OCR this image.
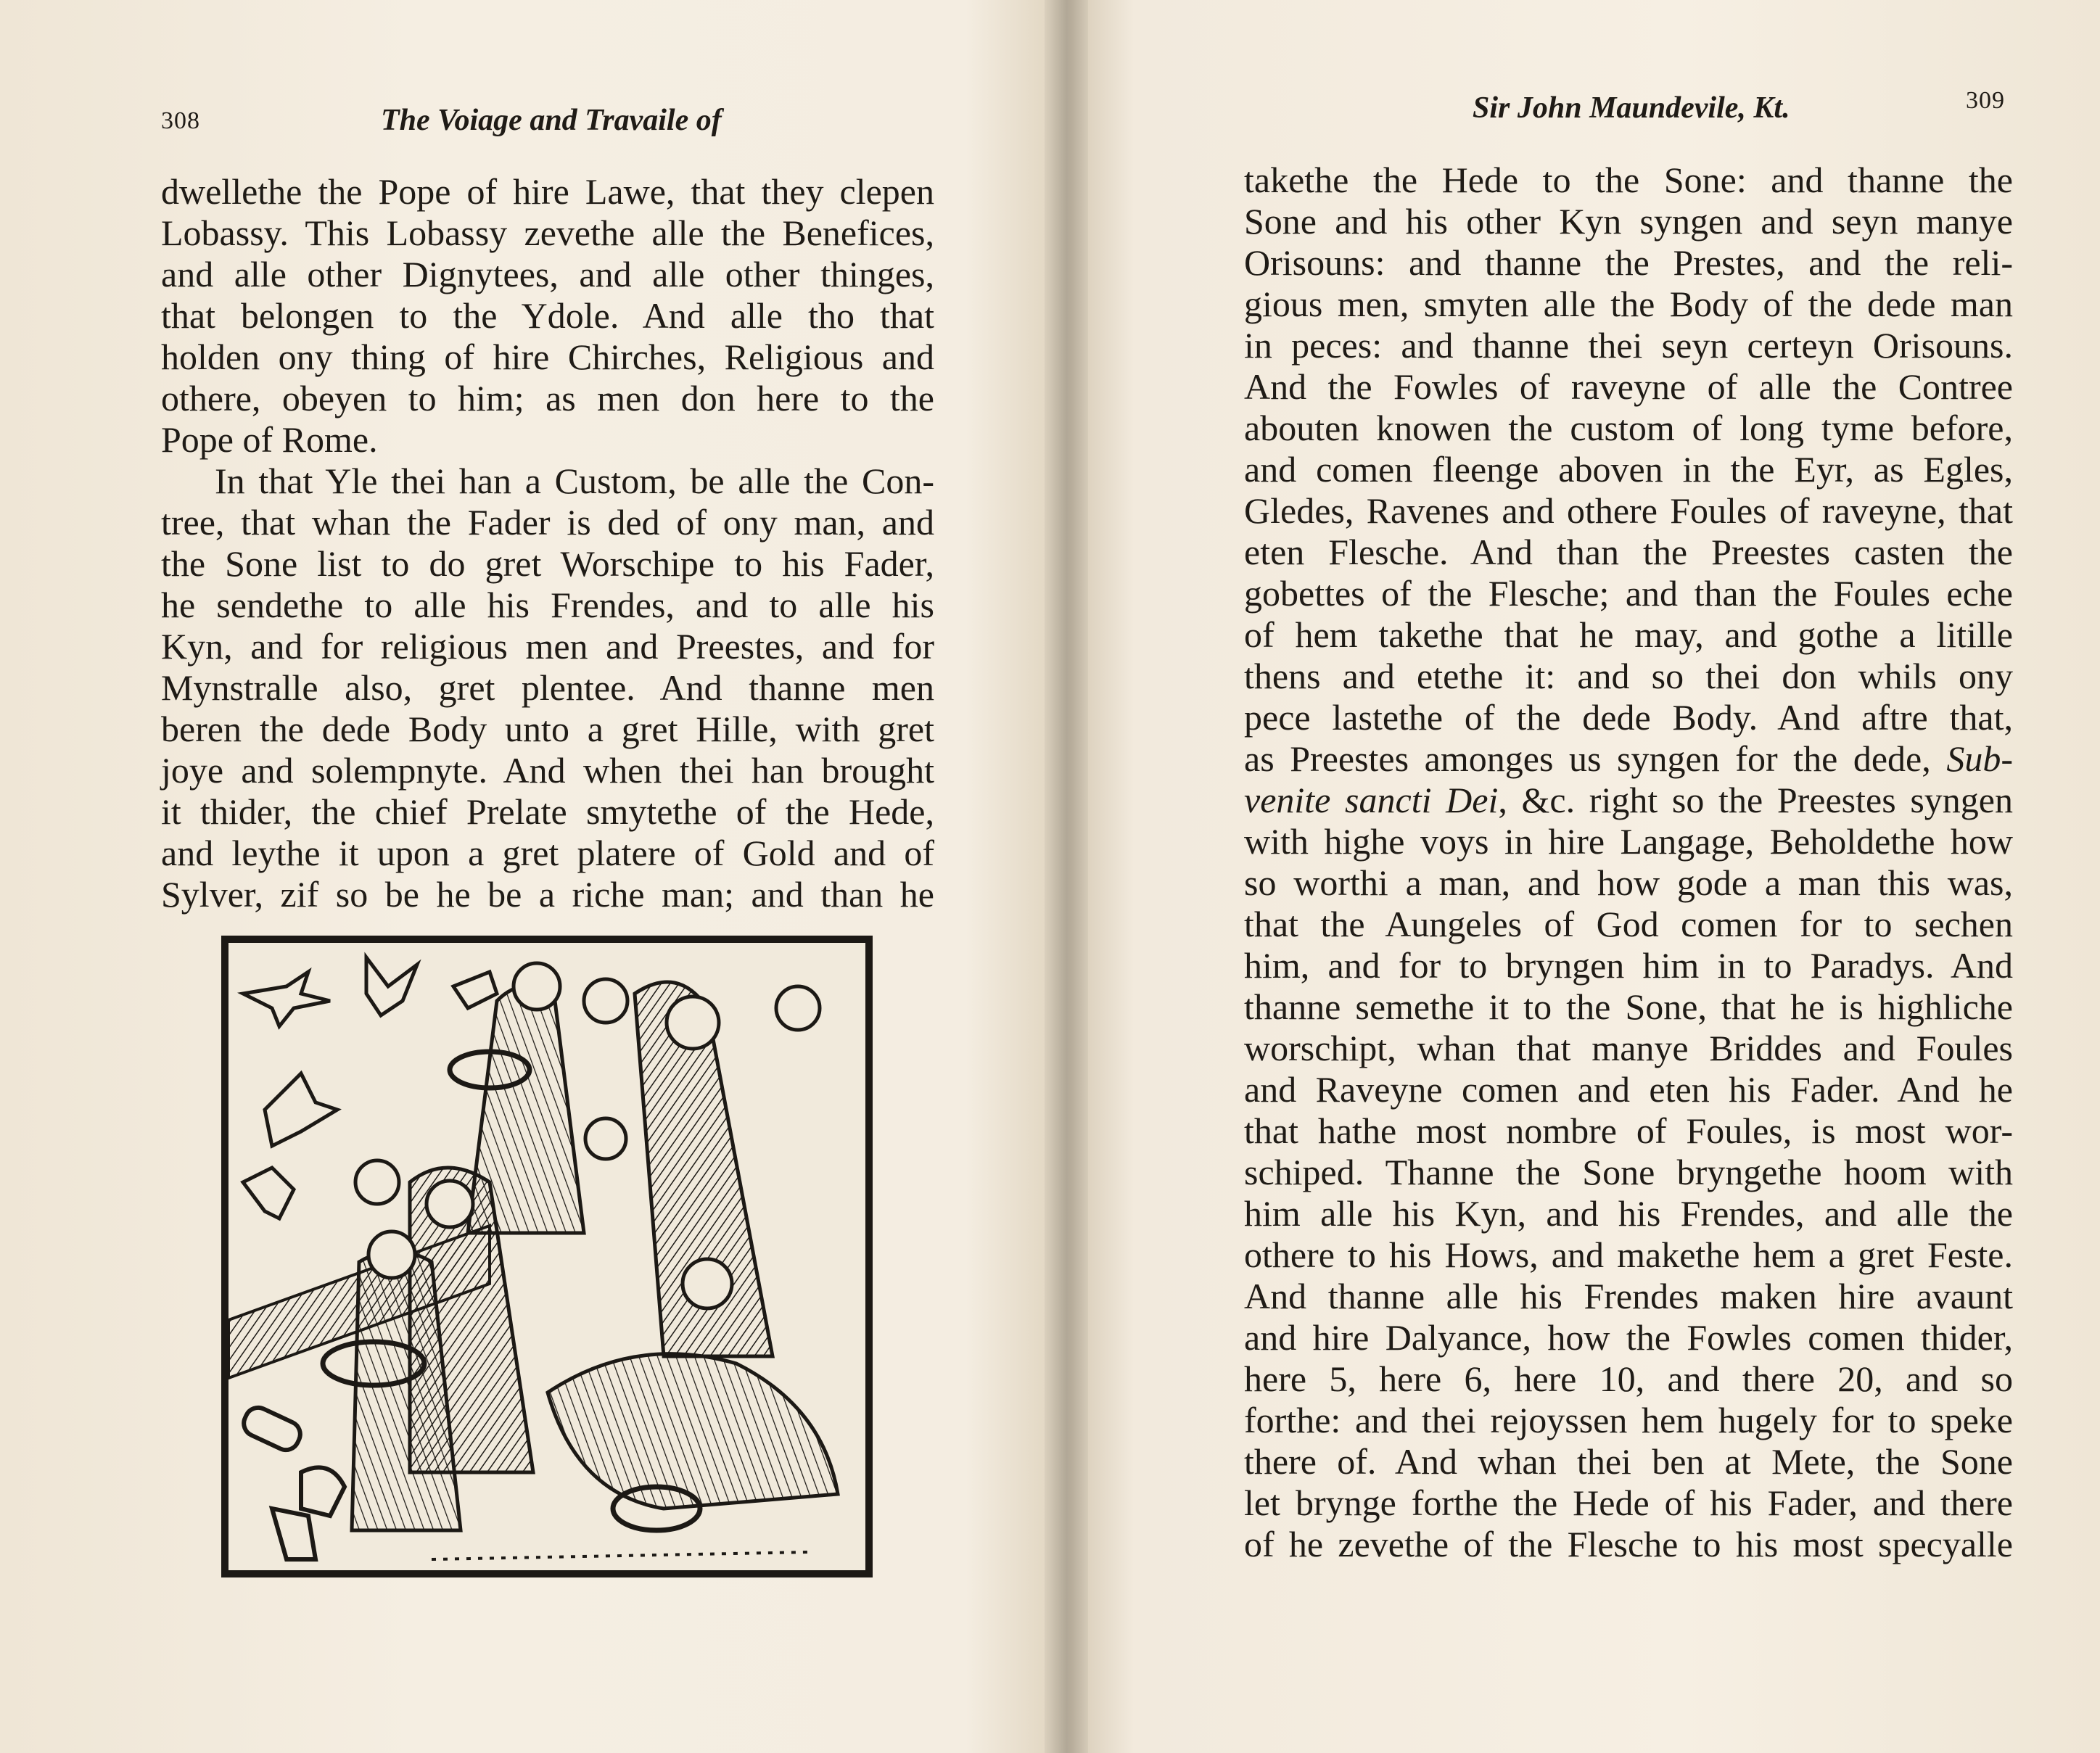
308	The Voiage and Travaile of
dwellethe the Pope of hire Lawe, that they clepen
Lobassy. This Lobassy zevethe alle the Benefices,
and alle other Dignytees, and alle other thinges,
that belongen to the Ydole. And alle tho that
holden ony thing of hire Chirches, Religious and
othere, obeyen to him; as men don here to the
Pope of Rome.
In that Yle thei han a Custom, be alle the Con-
tree, that whan the Fader is ded of ony man, and
the Sone list to do gret Worschipe to his Fader,
he sendethe to alle his Frendes, and to alle his
Kyn, and for religious men and Preestes, and for
Mynstralle also, gret plentee. And thanne men
beren the dede Body unto a gret Hille, with gret
joye and solempnyte. And when thei han brought
it thider, the chief Prelate smytethe of the Hede,
and leythe it upon a gret platere of Gold and of
Sylver, zif so be he be a riche man; and than he
Sir John Maundevile, Kt.	309
takethe the Hede to the Sone: and thanne the
Sone and his other Kyn syngen and seyn manye
Orisouns: and thanne the Prestes, and the reli-
gious men, smyten alle the Body of the dede man
in peces: and thanne thei seyn certeyn Orisouns.
And the Fowles of raveyne of alle the Contree
abouten knowen the custom of long tyme before,
and comen fleenge aboven in the Eyr, as Egles,
Gledes, Ravenes and othere Foules of raveyne, that
eten Flesche. And than the Preestes casten the
gobettes of the Flesche; and than the Foules eche
of hem takethe that he may, and gothe a litille
thens and etethe it: and so thei don whils ony
pece lastethe of the dede Body. And aftre that,
as Preestes amonges us syngen for the dede, Sub-
venite sancti Dei, &c. right so the Preestes syngen
with highe voys in hire Langage, Beholdethe how
so worthi a man, and how gode a man this was,
that the Aungeles of God comen for to sechen
him, and for to bryngen him in to Paradys. And
thanne semethe it to the Sone, that he is highliche
worschipt, whan that manye Briddes and Foules
and Raveyne comen and eten his Fader. And he
that hathe most nombre of Foules, is most wor-
schiped. Thanne the Sone bryngethe hoom with
him alle his Kyn, and his Frendes, and alle the
othere to his Hows, and makethe hem a gret Feste.
And thanne alle his Frendes maken hire avaunt
and hire Dalyance, how the Fowles comen thider,
here 5, here 6, here 10, and there 20, and so
forthe: and thei rejoyssen hem hugely for to speke
there of. And whan thei ben at Mete, the Sone
let brynge forthe the Hede of his Fader, and there
of he zevethe of the Flesche to his most specyalle
